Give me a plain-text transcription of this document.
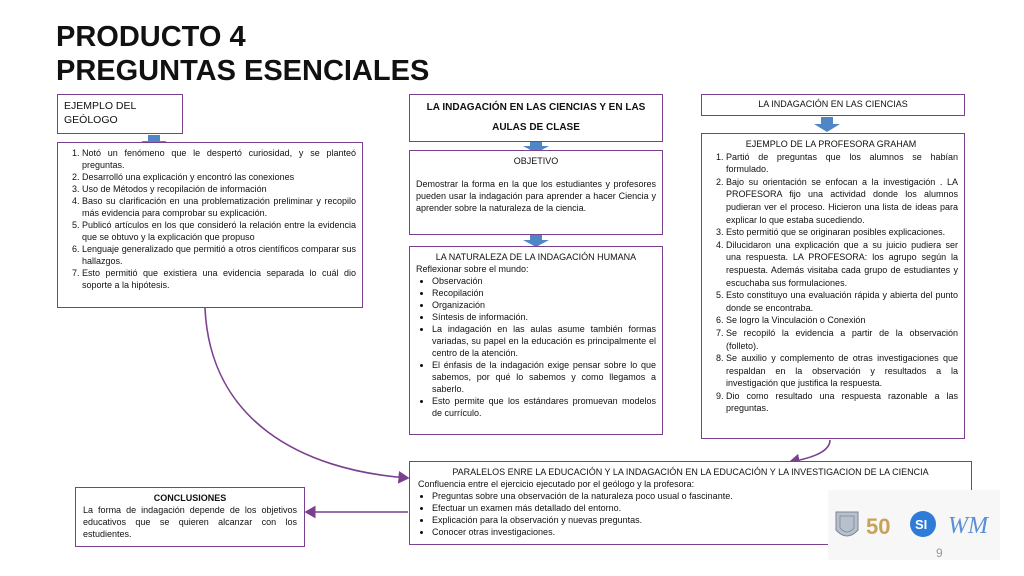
PRODUCTO 4
PREGUNTAS ESENCIALES
EJEMPLO DEL GEÓLOGO
1. Notó un fenómeno que le despertó curiosidad, y se planteó preguntas.
2. Desarrolló una explicación y encontró las conexiones
3. Uso de Métodos y recopilación de información
4. Baso su clarificación en una problematización preliminar y recopilo más evidencia para comprobar su explicación.
5. Publicó artículos en los que consideró la relación entre la evidencia que se obtuvo y la explicación que propuso
6. Lenguaje generalizado que permitió a otros científicos comparar sus hallazgos.
7. Esto permitió que existiera una evidencia separada lo cuál dio soporte a la hipótesis.
CONCLUSIONES
La forma de indagación depende de los objetivos educativos que se quieren alcanzar con los estudientes.
LA INDAGACIÓN EN LAS CIENCIAS Y EN LAS AULAS DE CLASE
OBJETIVO
Demostrar la forma en la que los estudiantes y profesores pueden usar la indagación para aprender a hacer Ciencia y aprender sobre la naturaleza de la ciencia.
LA NATURALEZA DE LA INDAGACIÓN HUMANA
Reflexionar sobre el mundo:
• Observación
• Recopilación
• Organización
• Síntesis de información.
• La indagación en las aulas asume también formas variadas, su papel en la educación es principalmente el centro de la atención.
• El énfasis de la indagación exige pensar sobre lo que sabemos, por qué lo sabemos y como llegamos a saberlo.
• Esto permite que los estándares promuevan modelos de currículo.
LA INDAGACIÓN EN LAS CIENCIAS
EJEMPLO DE LA PROFESORA GRAHAM
1. Partió de preguntas que los alumnos se habían formulado.
2. Bajo su orientación se enfocan a la investigación . LA PROFESORA fijo una actividad donde los alumnos pudieran ver el proceso. Hicieron una lista de ideas para explicar lo que estaba sucediendo.
3. Esto permitió que se originaran posibles explicaciones.
4. Dilucidaron una explicación que a su juicio pudiera ser una respuesta. LA PROFESORA: los agrupo según la respuesta. Además visitaba cada grupo de estudiantes y escuchaba sus formulaciones.
5. Esto constituyo una evaluación rápida y abierta del punto donde se encontraba.
6. Se logro la Vinculación o Conexión
7. Se recopiló la evidencia a partir de la observación (folleto).
8. Se auxilio y complemento de otras investigaciones que respaldan en la observación y resultados a la investigación que justifica la respuesta.
9. Dio como resultado una respuesta razonable a las preguntas.
PARALELOS ENRE LA EDUCACIÓN Y LA INDAGACIÓN EN LA EDUCACIÓN Y LA INVESTIGACION DE LA CIENCIA
Confluencia entre el ejercicio ejecutado por el geólogo y la profesora:
• Preguntas sobre una observación de la naturaleza poco usual o fascinante.
• Efectuar un examen más detallado del entorno.
• Explicación para la observación y nuevas preguntas.
• Conocer otras investigaciones.	50 SI WM
9
